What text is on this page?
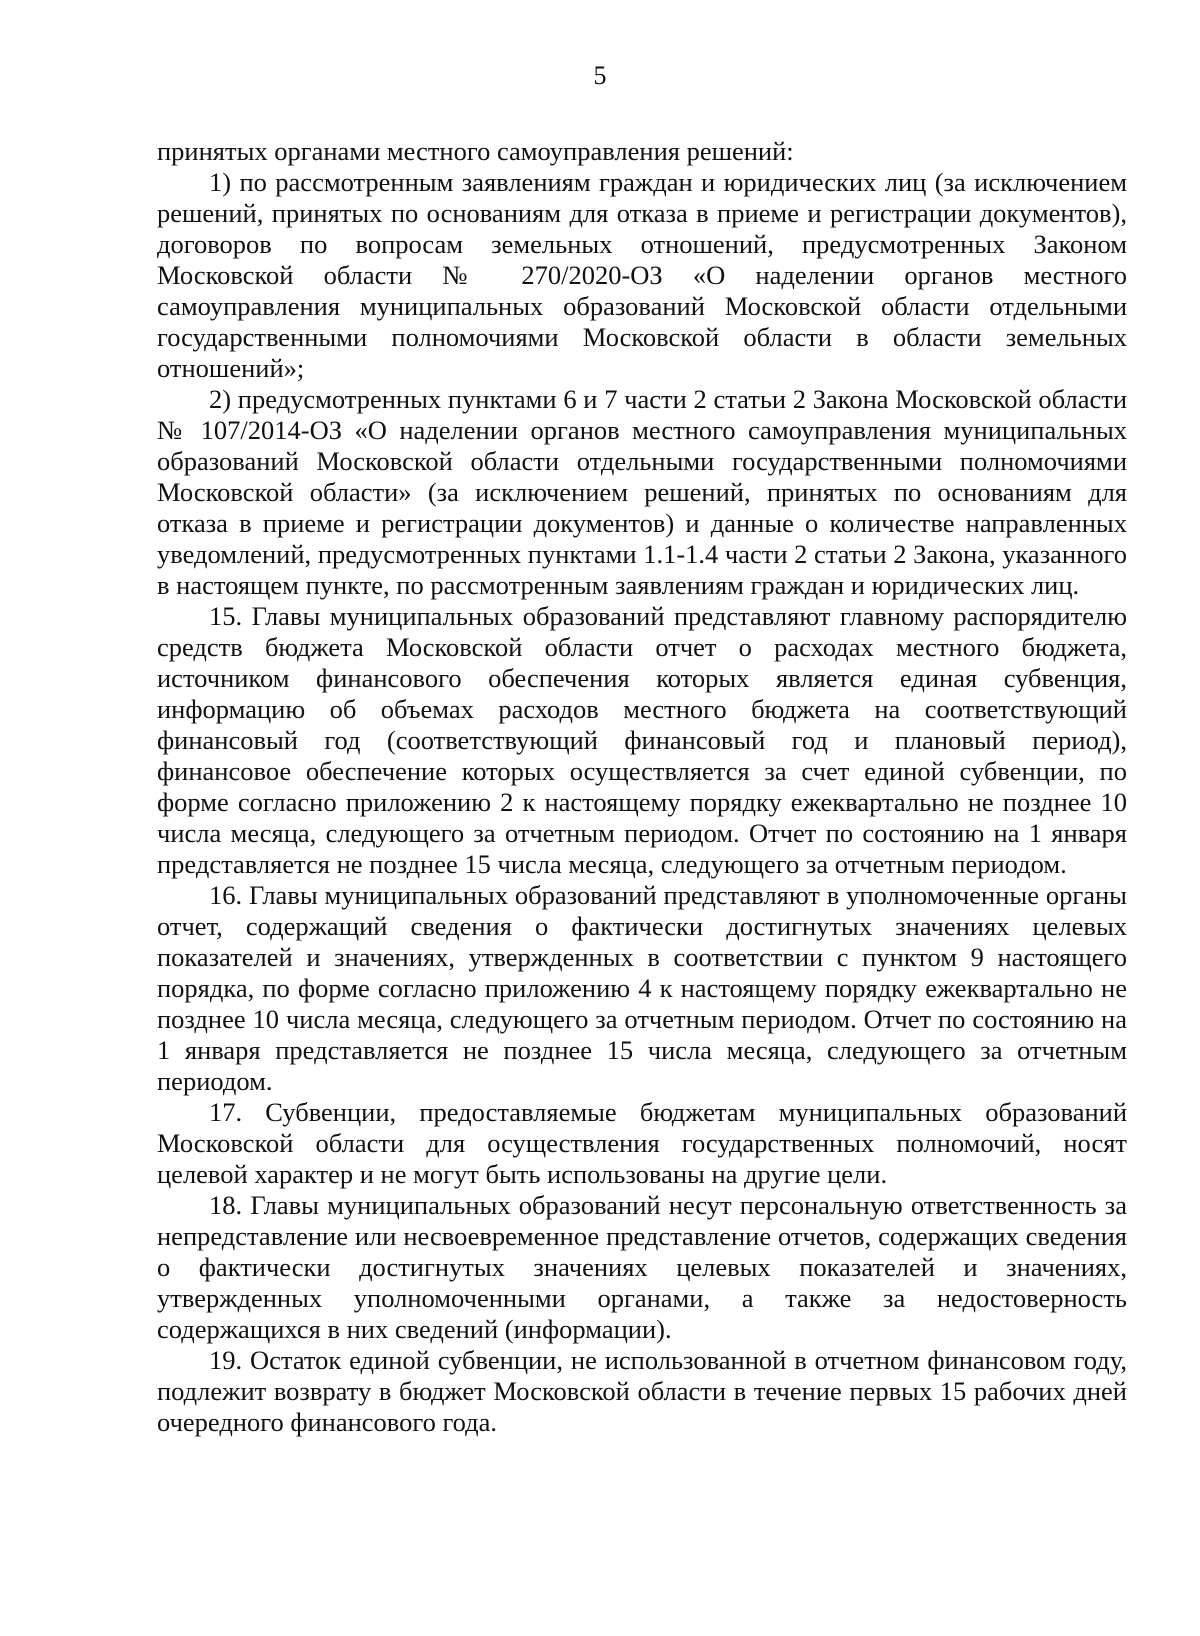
5

принятых органами местного самоуправления решений:

1) по рассмотренным заявлениям граждан и юридических лиц (за исключением решений, принятых по основаниям для отказа в приеме и регистрации документов), договоров по вопросам земельных отношений, предусмотренных Законом Московской области № 270/2020-ОЗ «О наделении органов местного самоуправления муниципальных образований Московской области отдельными государственными полномочиями Московской области в области земельных отношений»;

2) предусмотренных пунктами 6 и 7 части 2 статьи 2 Закона Московской области № 107/2014-ОЗ «О наделении органов местного самоуправления муниципальных образований Московской области отдельными государственными полномочиями Московской области» (за исключением решений, принятых по основаниям для отказа в приеме и регистрации документов) и данные о количестве направленных уведомлений, предусмотренных пунктами 1.1-1.4 части 2 статьи 2 Закона, указанного в настоящем пункте, по рассмотренным заявлениям граждан и юридических лиц.

15. Главы муниципальных образований представляют главному распорядителю средств бюджета Московской области отчет о расходах местного бюджета, источником финансового обеспечения которых является единая субвенция, информацию об объемах расходов местного бюджета на соответствующий финансовый год (соответствующий финансовый год и плановый период), финансовое обеспечение которых осуществляется за счет единой субвенции, по форме согласно приложению 2 к настоящему порядку ежеквартально не позднее 10 числа месяца, следующего за отчетным периодом. Отчет по состоянию на 1 января представляется не позднее 15 числа месяца, следующего за отчетным периодом.

16. Главы муниципальных образований представляют в уполномоченные органы отчет, содержащий сведения о фактически достигнутых значениях целевых показателей и значениях, утвержденных в соответствии с пунктом 9 настоящего порядка, по форме согласно приложению 4 к настоящему порядку ежеквартально не позднее 10 числа месяца, следующего за отчетным периодом. Отчет по состоянию на 1 января представляется не позднее 15 числа месяца, следующего за отчетным периодом.

17. Субвенции, предоставляемые бюджетам муниципальных образований Московской области для осуществления государственных полномочий, носят целевой характер и не могут быть использованы на другие цели.

18. Главы муниципальных образований несут персональную ответственность за непредставление или несвоевременное представление отчетов, содержащих сведения о фактически достигнутых значениях целевых показателей и значениях, утвержденных уполномоченными органами, а также за недостоверность содержащихся в них сведений (информации).

19. Остаток единой субвенции, не использованной в отчетном финансовом году, подлежит возврату в бюджет Московской области в течение первых 15 рабочих дней очередного финансового года.
